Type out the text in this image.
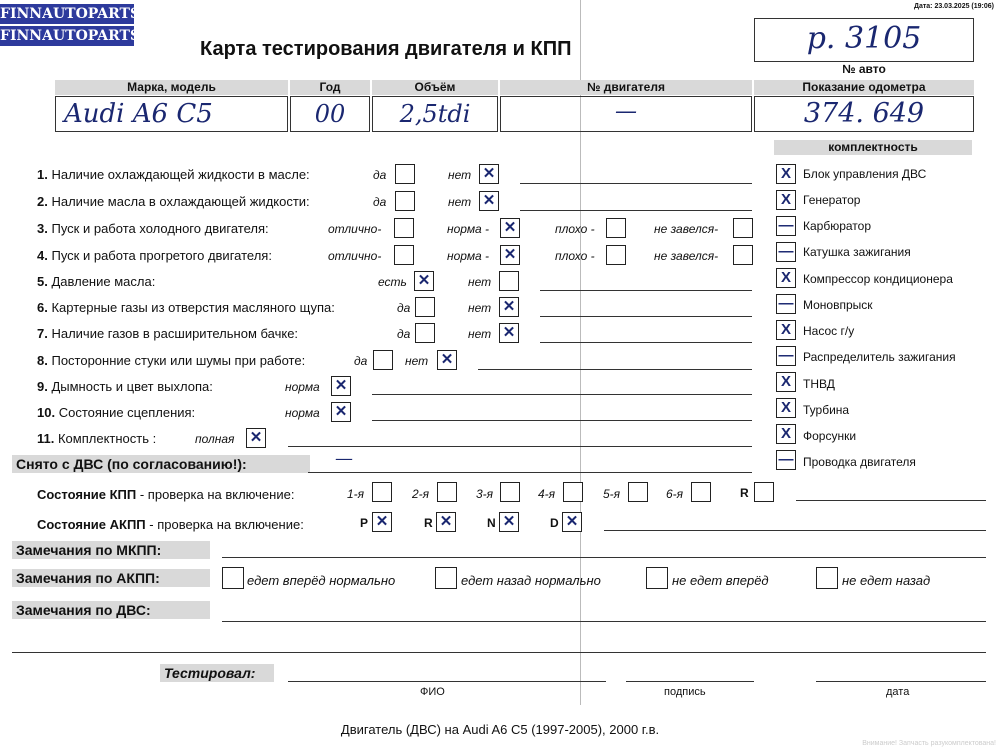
FINNAUTOPARTS
FINNAUTOPARTS
Дата: 23.03.2025 (19:06)
Карта тестирования двигателя и КПП	р. 3105
№ авто
Показание одометра
374. 649
Марка, модель	Год	Объём	№ двигателя
Audi A6 C5	00	2,5tdi	—
комплектность
1. Наличие охлаждающей жидкости в масле:	да	нет ✕
2. Наличие масла в охлаждающей жидкости:	да	нет ✕
3. Пуск и работа холодного двигателя:	отлично-	норма - ✕	плохо -	не завелся-
4. Пуск и работа прогретого двигателя:	отлично-	норма - ✕	плохо -	не завелся-
5. Давление масла:	есть ✕	нет
6. Картерные газы из отверстия масляного щупа:	да	нет ✕
7. Наличие газов в расширительном бачке:	да	нет ✕
8. Посторонние стуки или шумы при работе:	да	нет ✕
9. Дымность и цвет выхлопа:	норма ✕
10. Состояние сцепления:	норма ✕
11. Комплектность :	полная ✕
X	Блок управления ДВС
X	Генератор
— Карбюратор
— Катушка зажигания
X	Компрессор кондиционера
— Моновпрыск
X	Насос г/у
— Распределитель зажигания
X	ТНВД
X	Турбина
X	Форсунки
— Проводка двигателя
Снято с ДВС (по согласованию!):	—
Состояние КПП - проверка на включение:	1-я	2-я	3-я	4-я	5-я	6-я	R
Состояние АКПП - проверка на включение:	P ✕	R ✕	N ✕	D ✕
Замечания по МКПП:
Замечания по АКПП:	едет вперёд нормально	едет назад нормально	не едет вперёд	не едет назад
Замечания по ДВС:
Тестировал:
ФИО	подпись	дата
Двигатель (ДВС) на Audi A6 C5 (1997-2005), 2000 г.в.
Внимание! Запчасть разукомплектована!
